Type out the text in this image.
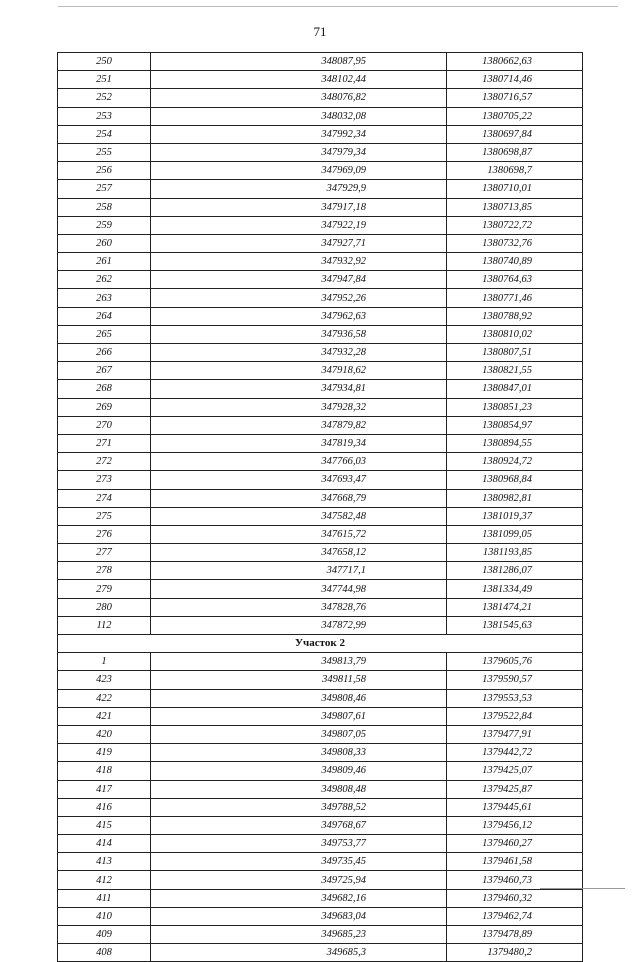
71
250	348087,95	1380662,63
251	348102,44	1380714,46
252	348076,82	1380716,57
253	348032,08	1380705,22
254	347992,34	1380697,84
255	347979,34	1380698,87
256	347969,09	1380698,7
257	347929,9	1380710,01
258	347917,18	1380713,85
259	347922,19	1380722,72
260	347927,71	1380732,76
261	347932,92	1380740,89
262	347947,84	1380764,63
263	347952,26	1380771,46
264	347962,63	1380788,92
265	347936,58	1380810,02
266	347932,28	1380807,51
267	347918,62	1380821,55
268	347934,81	1380847,01
269	347928,32	1380851,23
270	347879,82	1380854,97
271	347819,34	1380894,55
272	347766,03	1380924,72
273	347693,47	1380968,84
274	347668,79	1380982,81
275	347582,48	1381019,37
276	347615,72	1381099,05
277	347658,12	1381193,85
278	347717,1	1381286,07
279	347744,98	1381334,49
280	347828,76	1381474,21
112	347872,99	1381545,63
Участок 2		
1	349813,79	1379605,76
423	349811,58	1379590,57
422	349808,46	1379553,53
421	349807,61	1379522,84
420	349807,05	1379477,91
419	349808,33	1379442,72
418	349809,46	1379425,07
417	349808,48	1379425,87
416	349788,52	1379445,61
415	349768,67	1379456,12
414	349753,77	1379460,27
413	349735,45	1379461,58
412	349725,94	1379460,73
411	349682,16	1379460,32
410	349683,04	1379462,74
409	349685,23	1379478,89
408	349685,3	1379480,2
